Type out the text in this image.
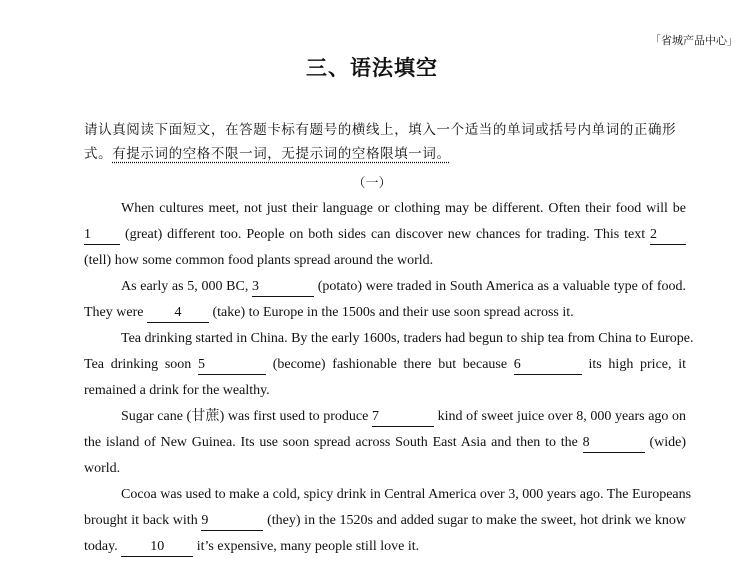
「省城产品中心」
三、语法填空
请认真阅读下面短文，在答题卡标有题号的横线上，填入一个适当的单词或括号内单词的正确形式。有提示词的空格不限一词，无提示词的空格限填一词。
（一）
When cultures meet, not just their language or clothing may be different. Often their food will be
1 (great) different too. People on both sides can discover new chances for trading. This text 2
(tell) how some common food plants spread around the world.
As early as 5, 000 BC, 3	(potato) were traded in South America as a valuable type of food.
They were 4 (take) to Europe in the 1500s and their use soon spread across it.
Tea drinking started in China. By the early 1600s, traders had begun to ship tea from China to Europe.
Tea drinking soon 5	(become) fashionable there but because 6	its high price, it
remained a drink for the wealthy.
Sugar cane (甘蔗) was first used to produce 7	kind of sweet juice over 8, 000 years ago on
the island of New Guinea. Its use soon spread across South East Asia and then to the 8	(wide)
world.
Cocoa was used to make a cold, spicy drink in Central America over 3, 000 years ago. The Europeans
brought it back with 9	(they) in the 1520s and added sugar to make the sweet, hot drink we know
today. 10 it’s expensive, many people still love it.
